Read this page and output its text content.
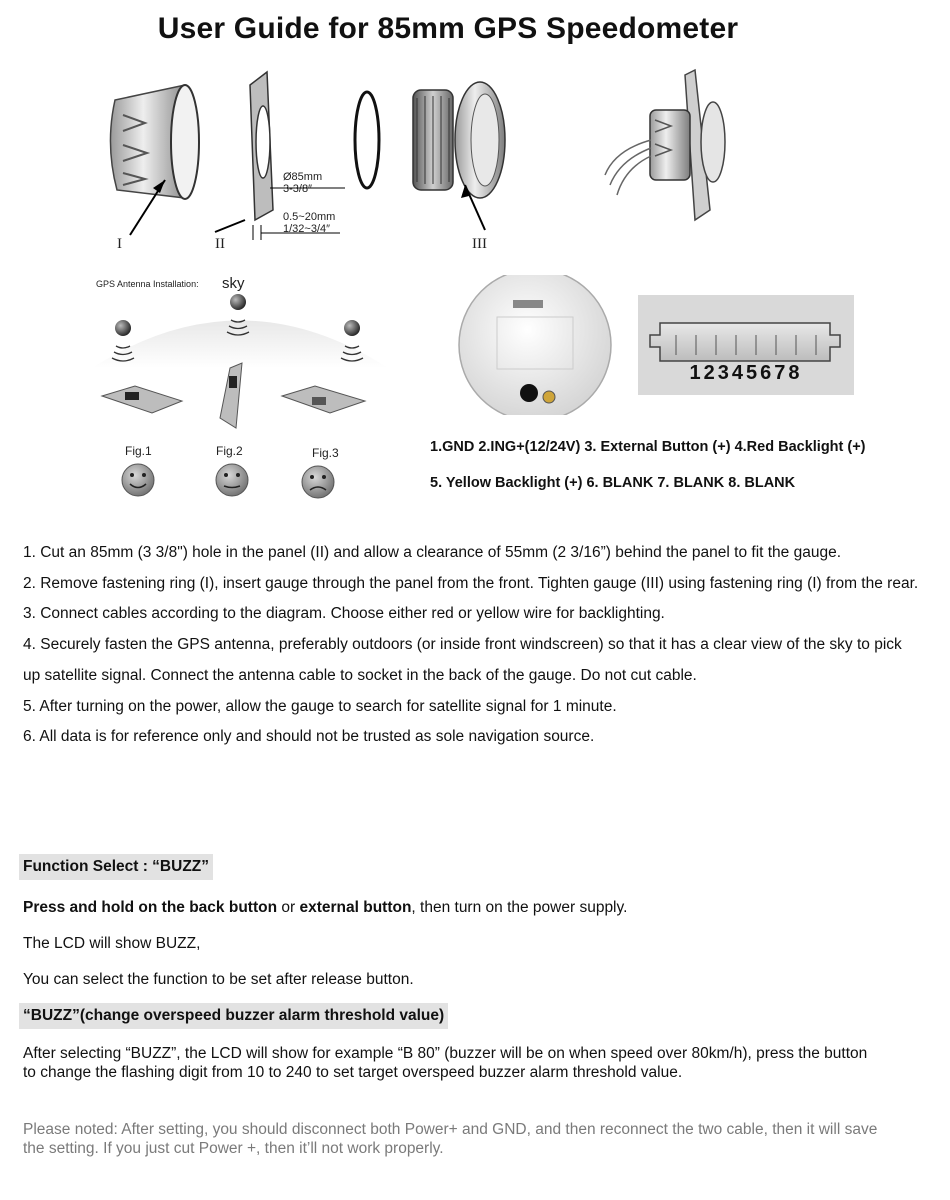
User Guide for 85mm GPS Speedometer
I	II
Ø85mm
3-3/8″
0.5~20mm
1/32~3/4″
III
GPS Antenna Installation: sky
Fig.1	Fig.2	Fig.3
12345678
1.GND 2.ING+(12/24V) 3. External Button (+) 4.Red Backlight (+)
5. Yellow Backlight (+) 6. BLANK 7. BLANK 8. BLANK

1. Cut an 85mm (3 3/8") hole in the panel (II) and allow a clearance of 55mm (2 3/16”) behind the panel to fit the gauge.

2. Remove fastening ring (I), insert gauge through the panel from the front. Tighten gauge (III) using fastening ring (I) from the rear.

3. Connect cables according to the diagram. Choose either red or yellow wire for backlighting.

4. Securely fasten the GPS antenna, preferably outdoors (or inside front windscreen) so that it has a clear view of the sky to pick up satellite signal. Connect the antenna cable to socket in the back of the gauge. Do not cut cable.

5. After turning on the power, allow the gauge to search for satellite signal for 1 minute.

6. All data is for reference only and should not be trusted as sole navigation source.

Function Select : “BUZZ”

Press and hold on the back button or external button, then turn on the power supply.

The LCD will show BUZZ,

You can select the function to be set after release button.

“BUZZ”(change overspeed buzzer alarm threshold value)

After selecting “BUZZ”, the LCD will show for example “B 80” (buzzer will be on when speed over 80km/h), press the button to change the flashing digit from 10 to 240 to set target overspeed buzzer alarm threshold value.

Please noted: After setting, you should disconnect both Power+ and GND, and then reconnect the two cable, then it will save the setting. If you just cut Power +, then it’ll not work properly.
